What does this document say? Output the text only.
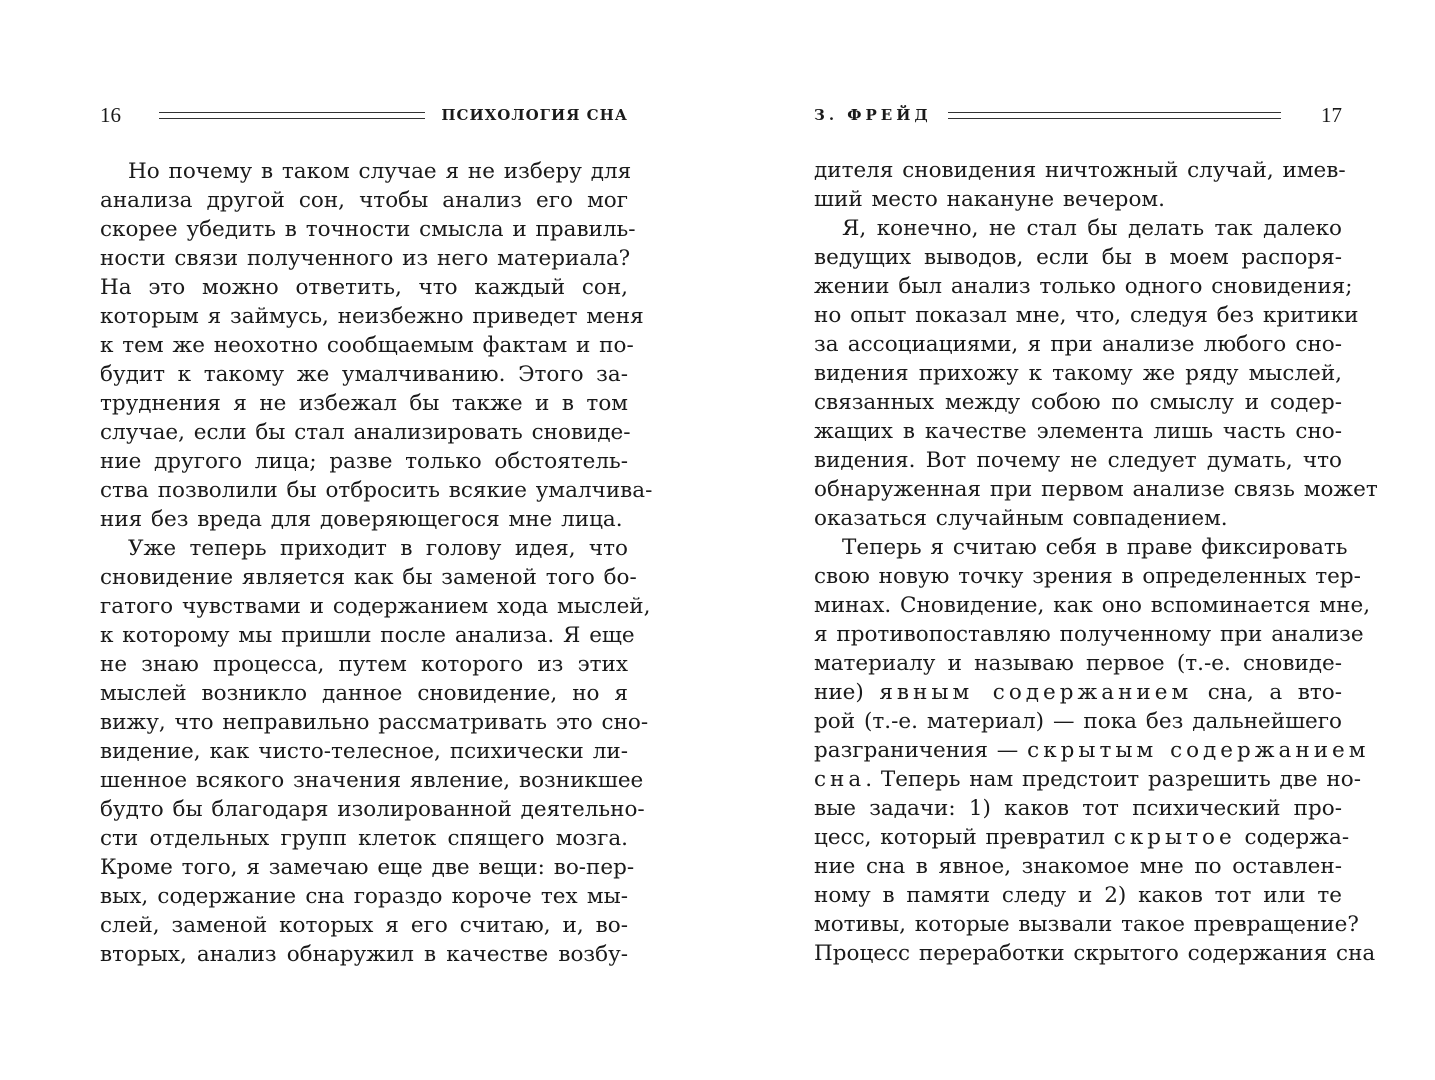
16	ПСИХОЛОГИЯ СНА
Но почему в таком случае я не изберу для
анализа другой сон, чтобы анализ его мог
скорее убедить в точности смысла и правиль-
ности связи полученного из него материала?
На это можно ответить, что каждый сон,
которым я займусь, неизбежно приведет меня
к тем же неохотно сообщаемым фактам и по-
будит к такому же умалчиванию. Этого за-
труднения я не избежал бы также и в том
случае, если бы стал анализировать сновиде-
ние другого лица; разве только обстоятель-
ства позволили бы отбросить всякие умалчива-
ния без вреда для доверяющегося мне лица.
Уже теперь приходит в голову идея, что
сновидение является как бы заменой того бо-
гатого чувствами и содержанием хода мыслей,
к которому мы пришли после анализа. Я еще
не знаю процесса, путем которого из этих
мыслей возникло данное сновидение, но я
вижу, что неправильно рассматривать это сно-
видение, как чисто-телесное, психически ли-
шенное всякого значения явление, возникшее
будто бы благодаря изолированной деятельно-
сти отдельных групп клеток спящего мозга.
Кроме того, я замечаю еще две вещи: во-пер-
вых, содержание сна гораздо короче тех мы-
слей, заменой которых я его считаю, и, во-
вторых, анализ обнаружил в качестве возбу-
З. ФРЕЙД	17
дителя сновидения ничтожный случай, имев-
ший место накануне вечером.
Я, конечно, не стал бы делать так далеко
ведущих выводов, если бы в моем распоря-
жении был анализ только одного сновидения;
но опыт показал мне, что, следуя без критики
за ассоциациями, я при анализе любого сно-
видения прихожу к такому же ряду мыслей,
связанных между собою по смыслу и содер-
жащих в качестве элемента лишь часть сно-
видения. Вот почему не следует думать, что
обнаруженная при первом анализе связь может
оказаться случайным совпадением.
Теперь я считаю себя в праве фиксировать
свою новую точку зрения в определенных тер-
минах. Сновидение, как оно вспоминается мне,
я противопоставляю полученному при анализе
материалу и называю первое (т.-е. сновиде-
ние) явным содержанием сна, а вто-
рой (т.-е. материал) — пока без дальнейшего
разграничения — скрытым содержанием
сна. Теперь нам предстоит разрешить две но-
вые задачи: 1) каков тот психический про-
цесс, который превратил скрытое содержа-
ние сна в явное, знакомое мне по оставлен-
ному в памяти следу и 2) каков тот или те
мотивы, которые вызвали такое превращение?
Процесс переработки скрытого содержания сна
